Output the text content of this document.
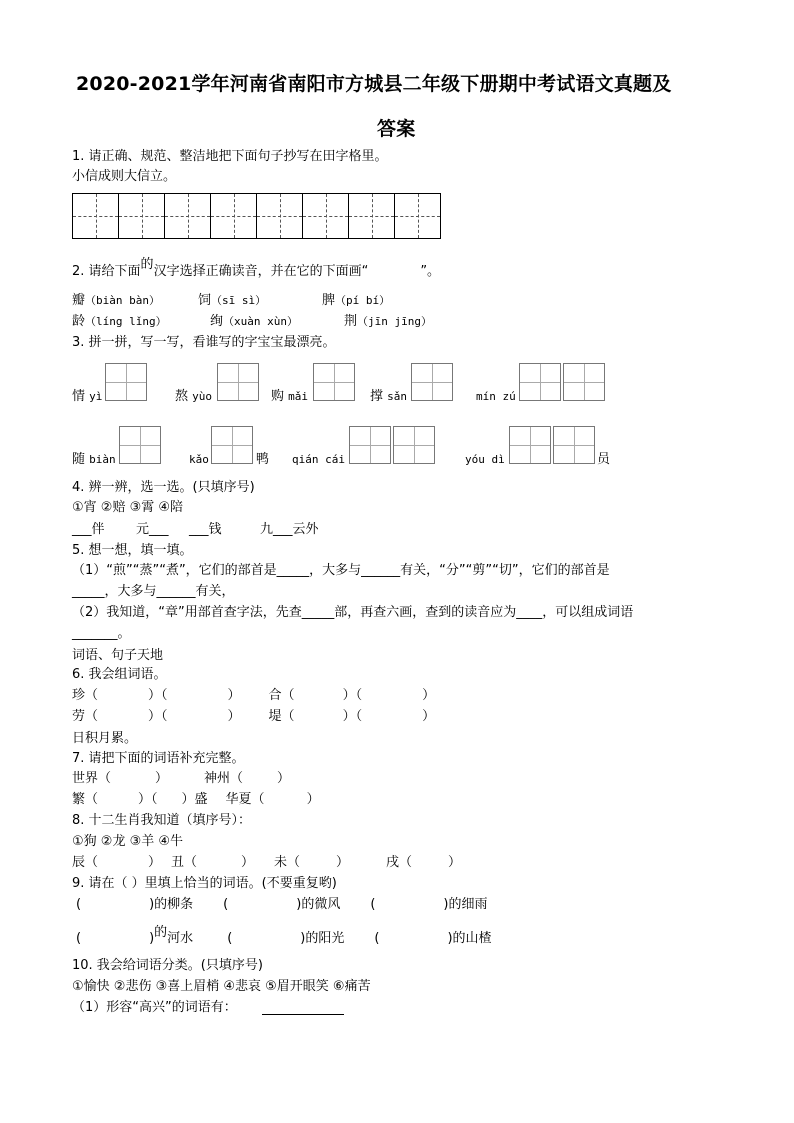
2020-2021学年河南省南阳市方城县二年级下册期中考试语文真题及
答案
1. 请正确、规范、整洁地把下面句子抄写在田字格里。
小信成则大信立。
2. 请给下面的汉字选择正确读音，并在它的下面画“	”。
瓣（biàn bàn）	饲（sī sì）	脾（pí bí）
龄（líng lǐng）	绚（xuàn xùn）	荆（jīn jīng）
3. 拼一拼，写一写，看谁写的字宝宝最漂亮。
情 yì	熬 yùo	购 mǎi	撑 sǎn	mín zú
随 biàn	kǎo	鸭 qián cái	yóu dì	员
4. 辨一辨，选一选。(只填序号)
①宵 ②赔 ③霄 ④陪
___伴 元___ ___钱	九___云外
5. 想一想，填一填。
（1）“煎”“蒸”“煮”，它们的部首是_____，大多与______有关，“分”“剪”“切”，它们的部首是
_____，大多与______有关，
（2）我知道，“章”用部首查字法，先查_____部，再查六画，查到的读音应为____，可以组成词语
_______。
词语、句子天地
6. 我会组词语。
珍（	）（	） 合（	）（	）
劳（	）（	） 堤（	）（	）
日积月累。
7. 请把下面的词语补充完整。
世界（	）	神州（	）
繁（	）（ ）盛 华夏（	）
8. 十二生肖我知道（填序号）：
①狗 ②龙 ③羊 ④牛
辰（	） 丑（	） 未（	）	戌（	）
9. 请在（ ）里填上恰当的词语。(不要重复哟)
(	)的柳条 (	)的微风 (	)的细雨
(	)的河水	(	)的阳光 (	)的山楂
10. 我会给词语分类。(只填序号)
①愉快 ②悲伤 ③喜上眉梢 ④悲哀 ⑤眉开眼笑 ⑥痛苦
（1）形容“高兴”的词语有：
